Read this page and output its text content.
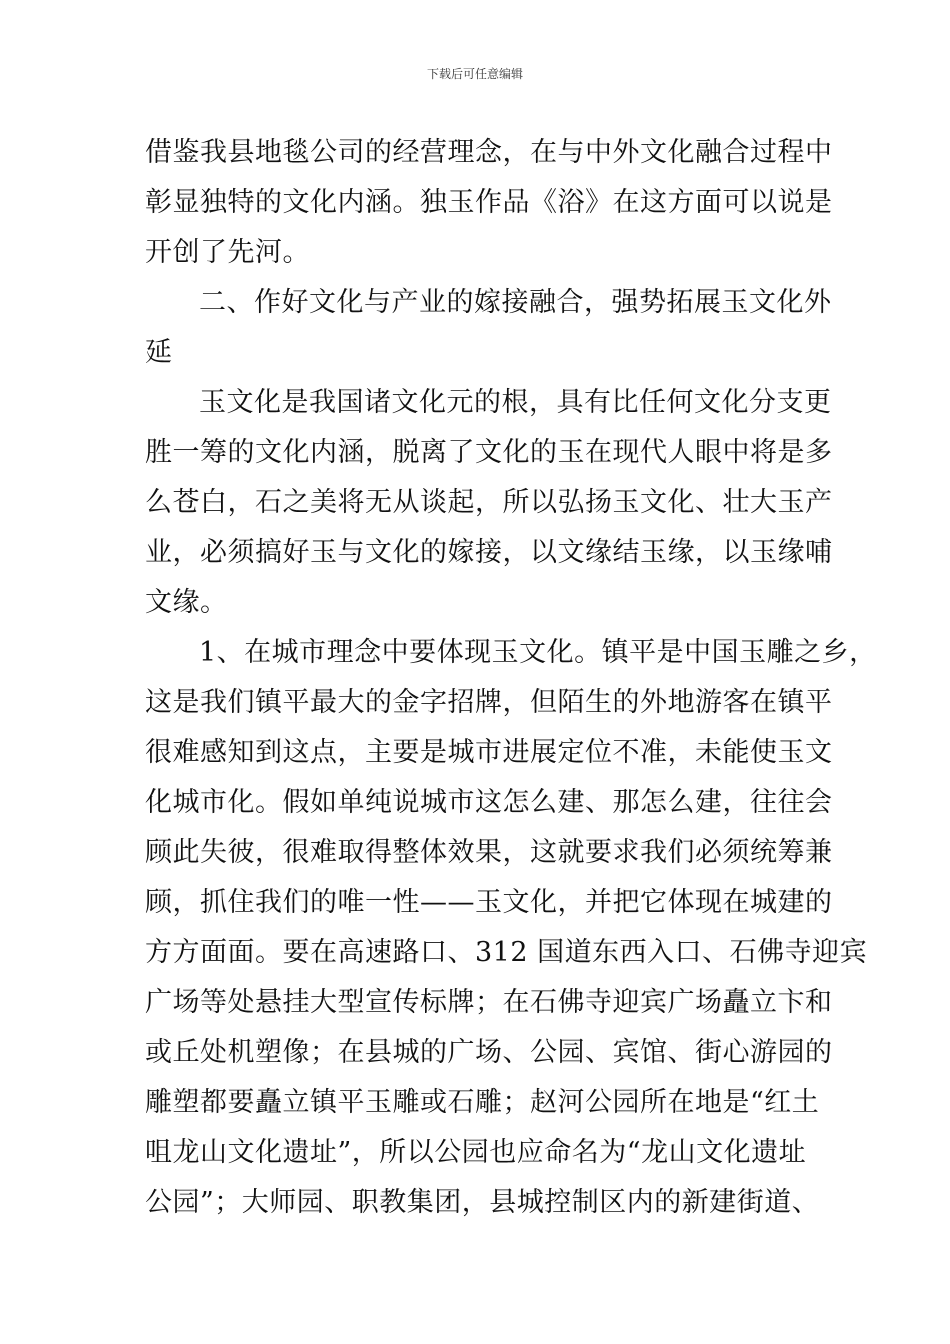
下载后可任意编辑
借鉴我县地毯公司的经营理念，在与中外文化融合过程中
彰显独特的文化内涵。独玉作品《浴》在这方面可以说是
开创了先河。
二、作好文化与产业的嫁接融合，强势拓展玉文化外
延
玉文化是我国诸文化元的根，具有比任何文化分支更
胜一筹的文化内涵，脱离了文化的玉在现代人眼中将是多
么苍白，石之美将无从谈起，所以弘扬玉文化、壮大玉产
业，必须搞好玉与文化的嫁接，以文缘结玉缘，以玉缘哺
文缘。
1、在城市理念中要体现玉文化。镇平是中国玉雕之乡，
这是我们镇平最大的金字招牌，但陌生的外地游客在镇平
很难感知到这点，主要是城市进展定位不准，未能使玉文
化城市化。假如单纯说城市这怎么建、那怎么建，往往会
顾此失彼，很难取得整体效果，这就要求我们必须统筹兼
顾，抓住我们的唯一性——玉文化，并把它体现在城建的
方方面面。要在高速路口、312 国道东西入口、石佛寺迎宾
广场等处悬挂大型宣传标牌；在石佛寺迎宾广场矗立卞和
或丘处机塑像；在县城的广场、公园、宾馆、街心游园的
雕塑都要矗立镇平玉雕或石雕；赵河公园所在地是“红土
咀龙山文化遗址”，所以公园也应命名为“龙山文化遗址
公园”；大师园、职教集团，县城控制区内的新建街道、
